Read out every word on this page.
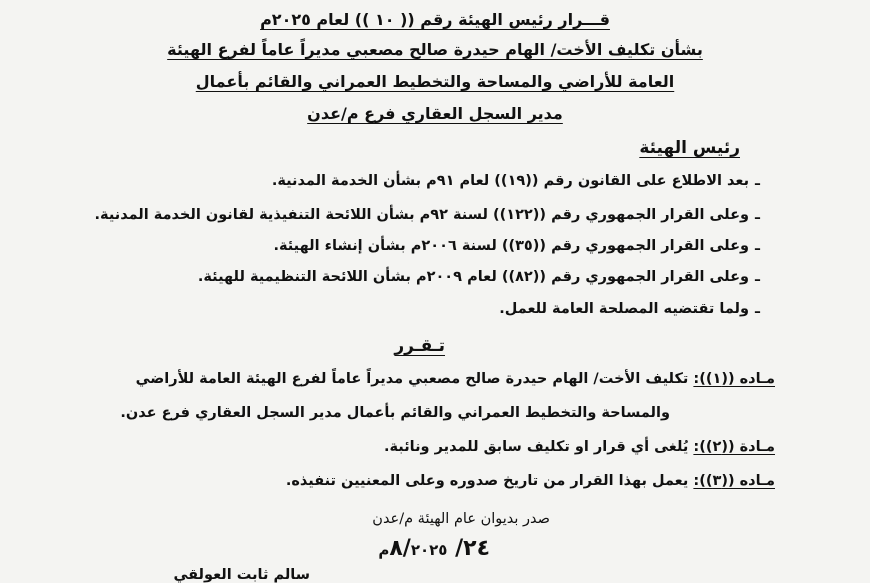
قـــرار رئيس الهيئة رقم (( ١٠ )) لعام ٢٠٢٥م
بشأن تكليف الأخت/ الهام حيدرة صالح مصعبي مديراً عاماً لفرع الهيئة
العامة للأراضي والمساحة والتخطيط العمراني والقائم بأعمال
مدير السجل العقاري فرع م/عدن
رئيس الهيئة
ـبعد الاطلاع على القانون رقم ((١٩)) لعام ٩١م بشأن الخدمة المدنية.
ـوعلى القرار الجمهوري رقم ((١٢٢)) لسنة ٩٢م بشأن اللائحة التنفيذية لقانون الخدمة المدنية.
ـوعلى القرار الجمهوري رقم ((٣٥)) لسنة ٢٠٠٦م بشأن إنشاء الهيئة.
ـوعلى القرار الجمهوري رقم ((٨٢)) لعام ٢٠٠٩م بشأن اللائحة التنظيمية للهيئة.
ـولما تقتضيه المصلحة العامة للعمل.
تـقـرر
مـاده ((١)): تكليف الأخت/ الهام حيدرة صالح مصعبي مديراً عاماً لفرع الهيئة العامة للأراضي
والمساحة والتخطيط العمراني والقائم بأعمال مدير السجل العقاري فرع عدن.
مـادة ((٢)): يُلغى أي قرار او تكليف سابق للمدير ونائبة.
مـاده ((٣)): يعمل بهذا القرار من تاريخ صدوره وعلى المعنيين تنفيذه.
صدر بديوان عام الهيئة م/عدن
٢٤/ ٨/٢٠٢٥م
سالم ثابت العولقي
